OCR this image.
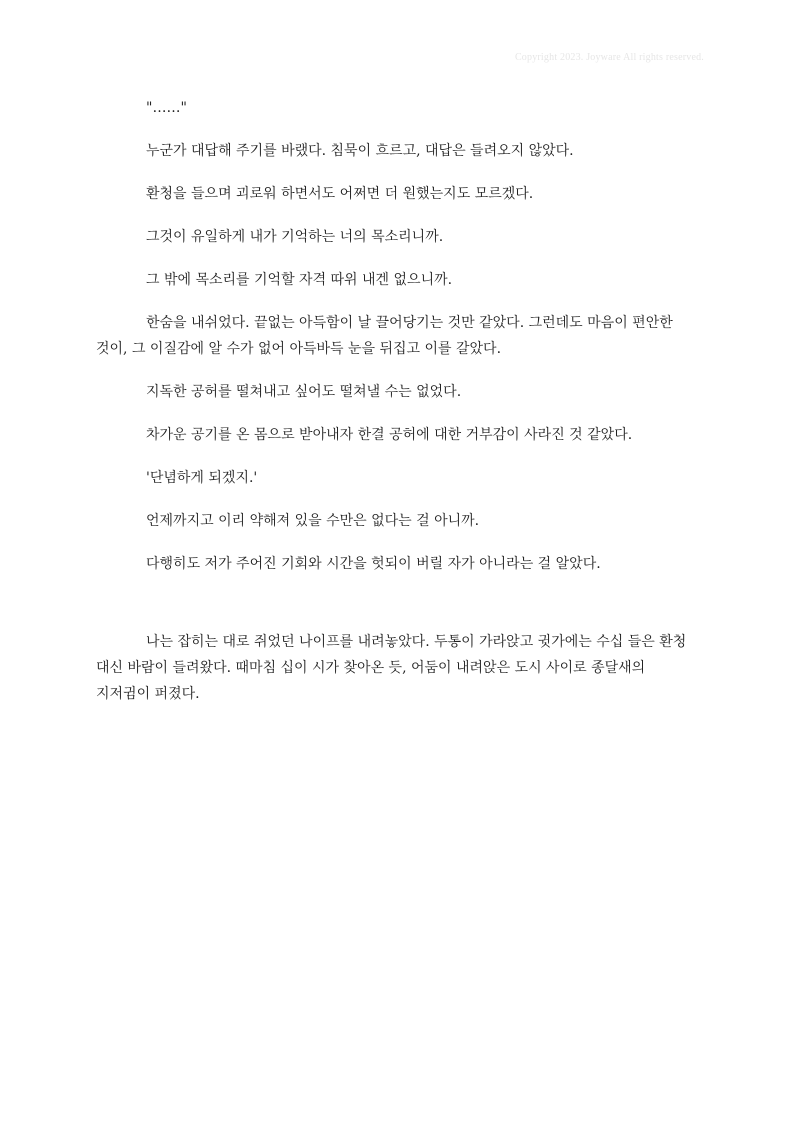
Copyright 2023. Joyware All rights reserved.

"……"

누군가 대답해 주기를 바랬다. 침묵이 흐르고, 대답은 들려오지 않았다.

환청을 들으며 괴로워 하면서도 어쩌면 더 원했는지도 모르겠다.

그것이 유일하게 내가 기억하는 너의 목소리니까.

그 밖에 목소리를 기억할 자격 따위 내겐 없으니까.

한숨을 내쉬었다. 끝없는 아득함이 날 끌어당기는 것만 같았다. 그런데도 마음이 편안한 것이, 그 이질감에 알 수가 없어 아득바득 눈을 뒤집고 이를 갈았다.

지독한 공허를 떨쳐내고 싶어도 떨쳐낼 수는 없었다.

차가운 공기를 온 몸으로 받아내자 한결 공허에 대한 거부감이 사라진 것 같았다.

'단념하게 되겠지.'

언제까지고 이리 약해져 있을 수만은 없다는 걸 아니까.

다행히도 저가 주어진 기회와 시간을 헛되이 버릴 자가 아니라는 걸 알았다.

나는 잡히는 대로 쥐었던 나이프를 내려놓았다. 두통이 가라앉고 귓가에는 수십 들은 환청
대신 바람이 들려왔다. 때마침 십이 시가 찾아온 듯, 어둠이 내려앉은 도시 사이로 종달새의
지저귐이 퍼졌다.
